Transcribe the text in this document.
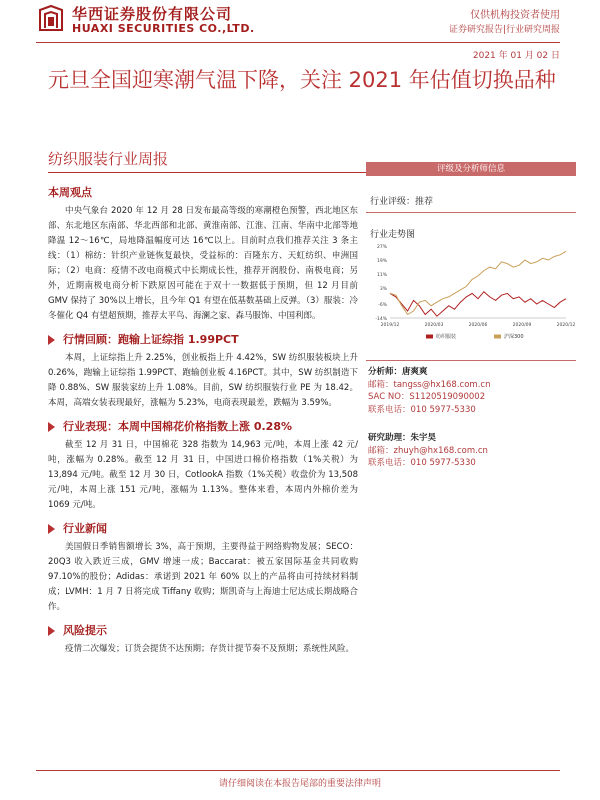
华西证券股份有限公司
HUAXI SECURITIES CO.,LTD.
仅供机构投资者使用
证券研究报告|行业研究周报
2021 年 01 月 02 日
元旦全国迎寒潮气温下降，关注 2021 年估值切换品种
纺织服装行业周报
本周观点
中央气象台 2020 年 12 月 28 日发布最高等级的寒潮橙色预警，西北地区东部、东北地区东南部、华北西部和北部、黄淮南部、江淮、江南、华南中北部等地降温 12～16℃，局地降温幅度可达 16℃以上。目前时点我们推荐关注 3 条主线：（1）棉纺：针织产业链恢复最快，受益标的：百隆东方、天虹纺织、申洲国际；（2）电商：疫情不改电商模式中长期成长性，推荐开润股份、南极电商；另外，近期南极电商分析下跌原因可能在于双十一数据低于预期，但 12 月目前 GMV 保持了 30%以上增长，且今年 Q1 有望在低基数基础上反弹。（3）服装：冷冬催化 Q4 有望超预期，推荐太平鸟、海澜之家、森马服饰、中国利郎。
行情回顾：跑输上证综指 1.99PCT
本周，上证综指上升 2.25%，创业板指上升 4.42%，SW 纺织服装板块上升 0.26%，跑输上证综指 1.99PCT、跑输创业板 4.16PCT。其中，SW 纺织制造下降 0.88%、SW 服装家纺上升 1.08%。目前，SW 纺织服装行业 PE 为 18.42。本周，高端女装表现最好，涨幅为 5.23%，电商表现最差，跌幅为 3.59%。
行业表现：本周中国棉花价格指数上涨 0.28%
截至 12 月 31 日，中国棉花 328 指数为 14,963 元/吨，本周上涨 42 元/吨，涨幅为 0.28%。截至 12 月 31 日，中国进口棉价格指数（1%关税）为 13,894 元/吨。截至 12 月 30 日，CotlookA 指数（1%关税）收盘价为 13,508 元/吨，本周上涨 151 元/吨，涨幅为 1.13%。整体来看，本周内外棉价差为 1069 元/吨。
行业新闻
美国假日季销售额增长 3%，高于预期，主要得益于网络购物发展；SECO：20Q3 收入跌近三成，GMV 增速一成；Baccarat：被五家国际基金共同收购 97.10%的股份；Adidas：承诺到 2021 年 60% 以上的产品将由可持续材料制成；LVMH：1 月 7 日将完成 Tiffany 收购；斯凯奇与上海迪士尼达成长期战略合作。
风险提示
疫情二次爆发；订货会提货不达预期；存货计提节奏不及预期；系统性风险。
评级及分析师信息
行业评级：推荐
行业走势图
27%
19%
11%
3%
-6%
-14%
2019/12	2020/03	2020/06	2020/09	2020/12
纺织服装	沪深300
分析师：唐爽爽
邮箱：tangss@hx168.com.cn
SAC NO：S1120519090002
联系电话：010 5977-5330
研究助理：朱宇昊
邮箱：zhuyh@hx168.com.cn
联系电话：010 5977-5330
请仔细阅读在本报告尾部的重要法律声明
